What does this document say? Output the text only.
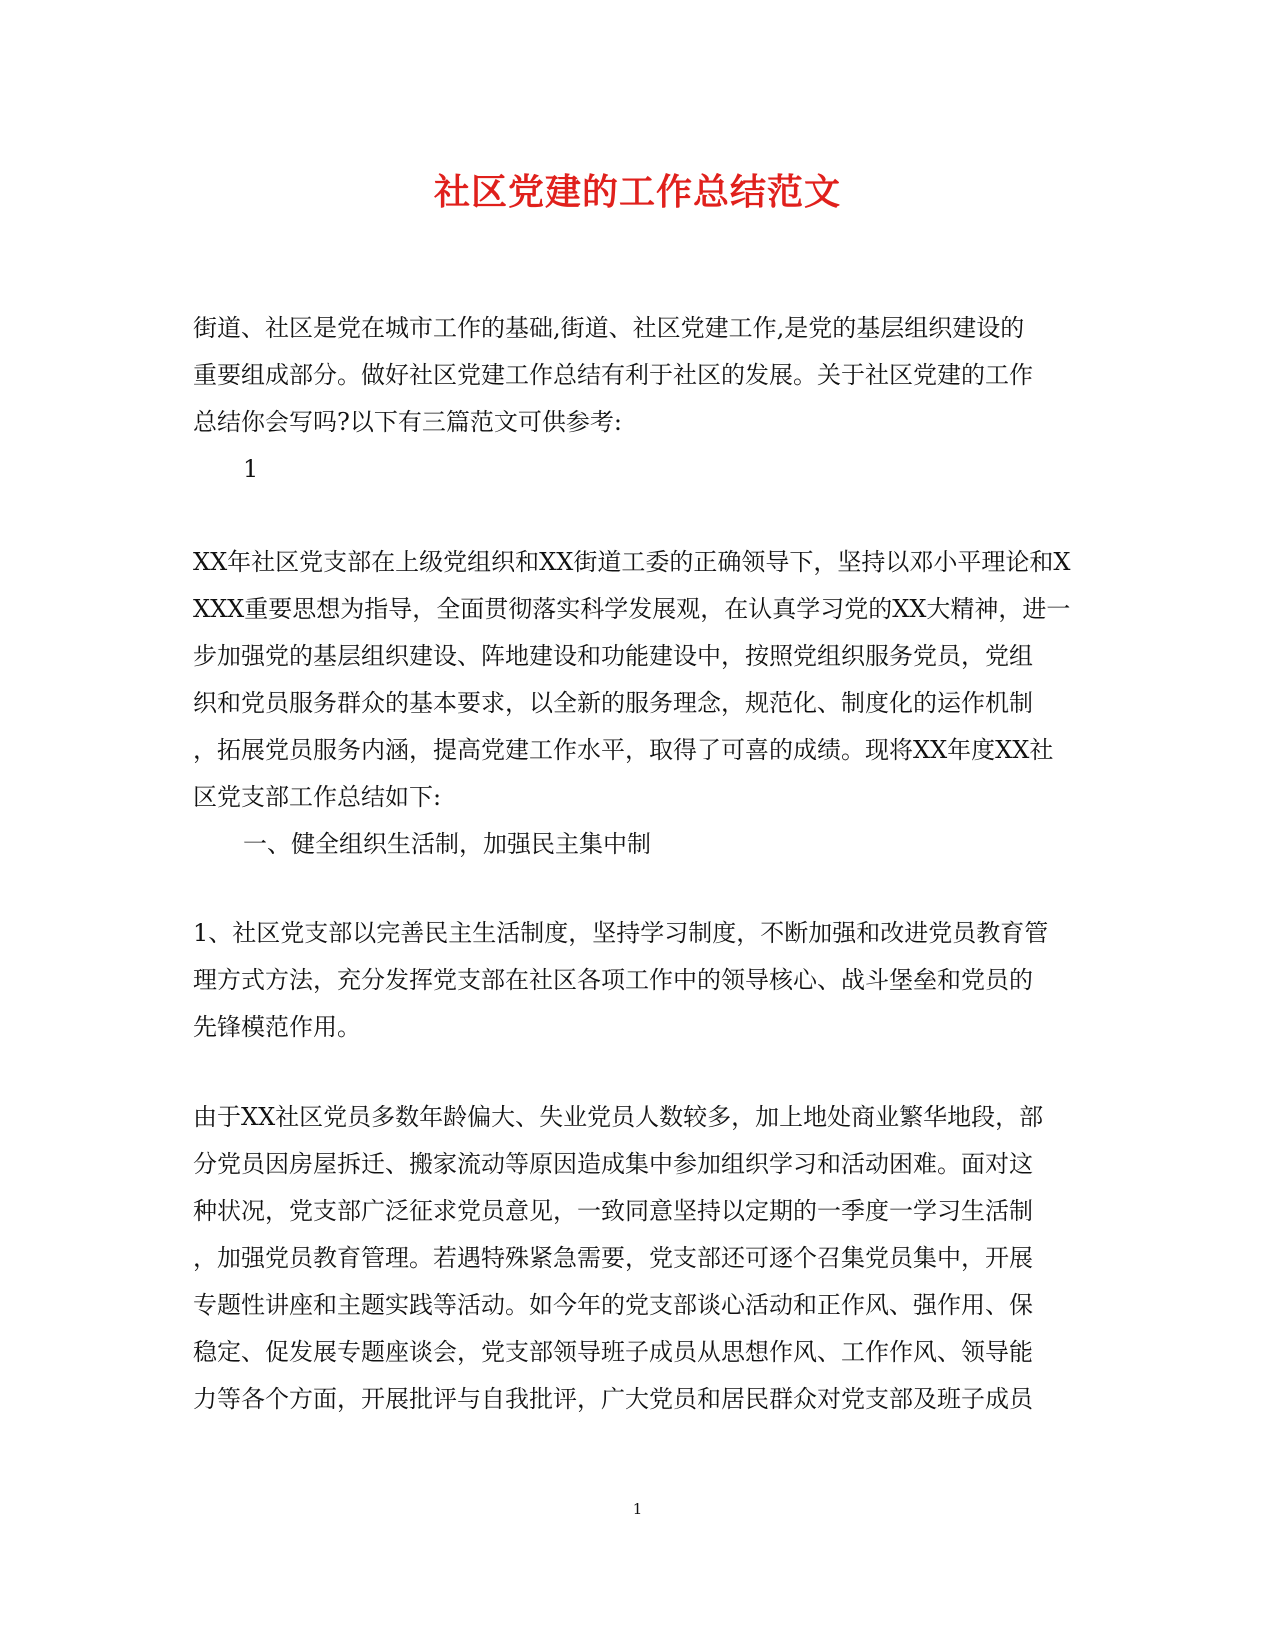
社区党建的工作总结范文
街道、社区是党在城市工作的基础,街道、社区党建工作,是党的基层组织建设的
重要组成部分。做好社区党建工作总结有利于社区的发展。关于社区党建的工作
总结你会写吗?以下有三篇范文可供参考:
1
XX年社区党支部在上级党组织和XX街道工委的正确领导下，坚持以邓小平理论和X
XXX重要思想为指导，全面贯彻落实科学发展观，在认真学习党的XX大精神，进一
步加强党的基层组织建设、阵地建设和功能建设中，按照党组织服务党员，党组
织和党员服务群众的基本要求，以全新的服务理念，规范化、制度化的运作机制
，拓展党员服务内涵，提高党建工作水平，取得了可喜的成绩。现将XX年度XX社
区党支部工作总结如下:
一、健全组织生活制，加强民主集中制
1、社区党支部以完善民主生活制度，坚持学习制度，不断加强和改进党员教育管
理方式方法，充分发挥党支部在社区各项工作中的领导核心、战斗堡垒和党员的
先锋模范作用。
由于XX社区党员多数年龄偏大、失业党员人数较多，加上地处商业繁华地段，部
分党员因房屋拆迁、搬家流动等原因造成集中参加组织学习和活动困难。面对这
种状况，党支部广泛征求党员意见，一致同意坚持以定期的一季度一学习生活制
，加强党员教育管理。若遇特殊紧急需要，党支部还可逐个召集党员集中，开展
专题性讲座和主题实践等活动。如今年的党支部谈心活动和正作风、强作用、保
稳定、促发展专题座谈会，党支部领导班子成员从思想作风、工作作风、领导能
力等各个方面，开展批评与自我批评，广大党员和居民群众对党支部及班子成员
1
